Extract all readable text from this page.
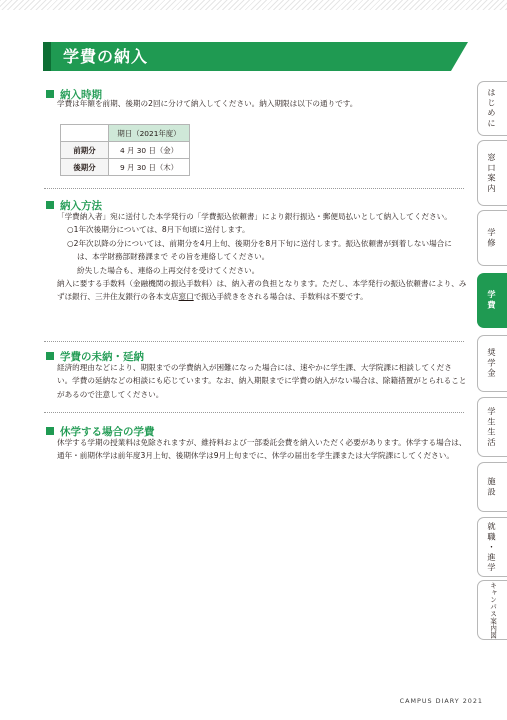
学費の納入
納入時期
学費は年額を前期、後期の2回に分けて納入してください。納入期限は以下の通りです。
	期日（2021年度）
前期分	4 月 30 日（金）
後期分	9 月 30 日（木）
納入方法
「学費納入者」宛に送付した本学発行の「学費振込依頼書」により銀行振込・郵便局払いとして納入してください。
○1年次後期分については、8月下旬頃に送付します。
○2年次以降の分については、前期分を4月上旬、後期分を8月下旬に送付します。振込依頼書が到着しない場合には、本学財務部財務課まで その旨を連絡してください。
紛失した場合も、連絡の上再交付を受けてください。
納入に要する手数料（金融機関の振込手数料）は、納入者の負担となります。ただし、本学発行の振込依頼書により、みずほ銀行、三井住友銀行の各本支店窓口で振込手続きをされる場合は、手数料は不要です。
学費の未納・延納
経済的理由などにより、期限までの学費納入が困難になった場合には、速やかに学生課、大学院課に相談してください。学費の延納などの相談にも応じています。なお、納入期限までに学費の納入がない場合は、除籍措置がとられることがあるので注意してください。
休学する場合の学費
休学する学期の授業料は免除されますが、維持料および一部委託会費を納入いただく必要があります。休学する場合は、通年・前期休学は前年度3月上旬、後期休学は9月上旬までに、休学の届出を学生課または大学院課にしてください。
はじめに
窓口案内
学修
学費
奨学金
学生生活
施設
就職・進学
キャンパス案内図
CAMPUS DIARY 2021
